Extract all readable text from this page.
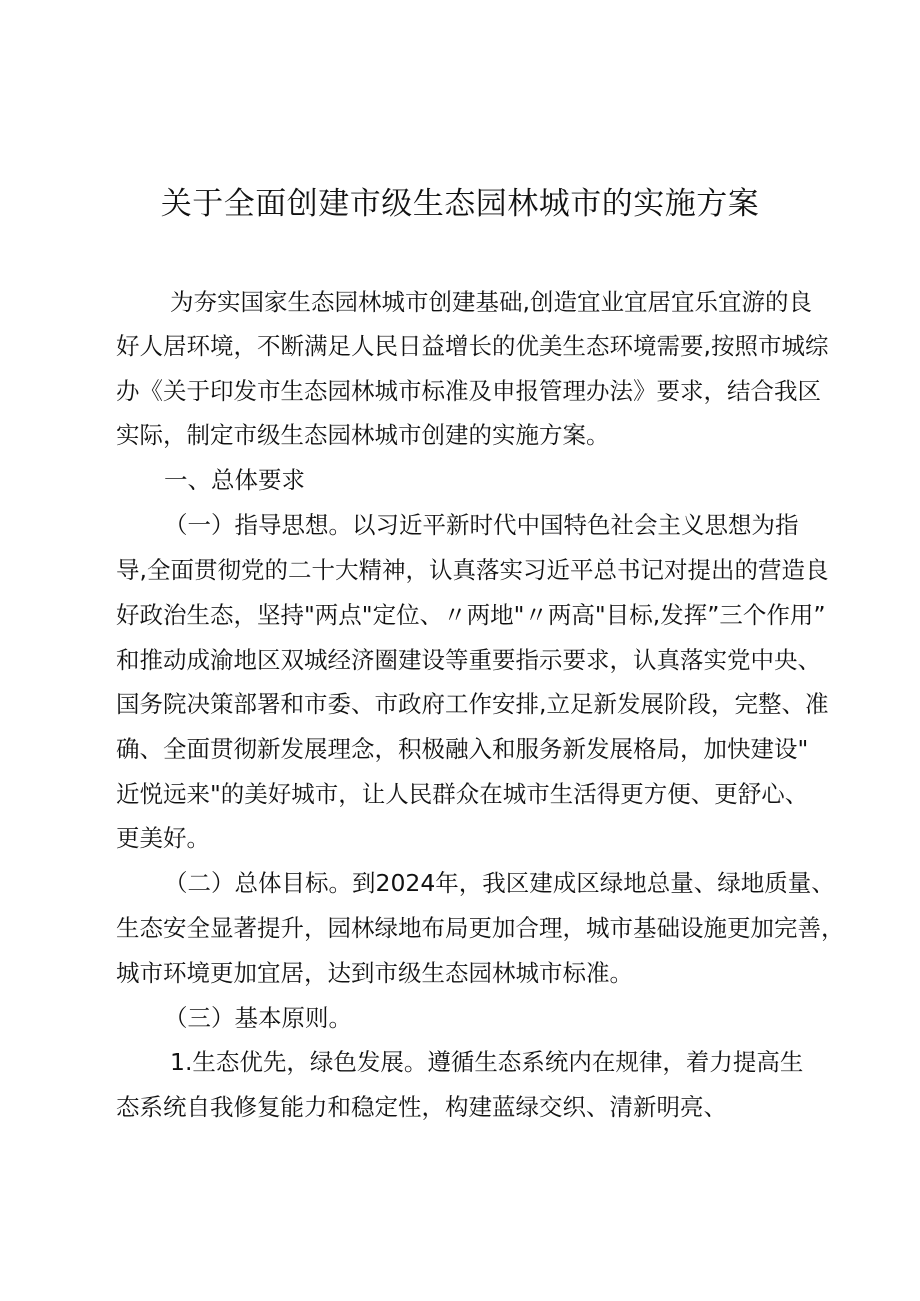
关于全面创建市级生态园林城市的实施方案

为夯实国家生态园林城市创建基础,创造宜业宜居宜乐宜游的良

好人居环境，不断满足人民日益增长的优美生态环境需要,按照市城综

办《关于印发市生态园林城市标准及申报管理办法》要求，结合我区

实际，制定市级生态园林城市创建的实施方案。

一、总体要求

（一）指导思想。以习近平新时代中国特色社会主义思想为指

导,全面贯彻党的二十大精神，认真落实习近平总书记对提出的营造良

好政治生态，坚持"两点"定位、〃两地"〃两高"目标,发挥”三个作用”

和推动成渝地区双城经济圈建设等重要指示要求，认真落实党中央、

国务院决策部署和市委、市政府工作安排,立足新发展阶段，完整、准

确、全面贯彻新发展理念，积极融入和服务新发展格局，加快建设"

近悦远来"的美好城市，让人民群众在城市生活得更方便、更舒心、

更美好。

（二）总体目标。到2024年，我区建成区绿地总量、绿地质量、

生态安全显著提升，园林绿地布局更加合理，城市基础设施更加完善，

城市环境更加宜居，达到市级生态园林城市标准。

（三）基本原则。

1.生态优先，绿色发展。遵循生态系统内在规律，着力提高生

态系统自我修复能力和稳定性，构建蓝绿交织、清新明亮、
